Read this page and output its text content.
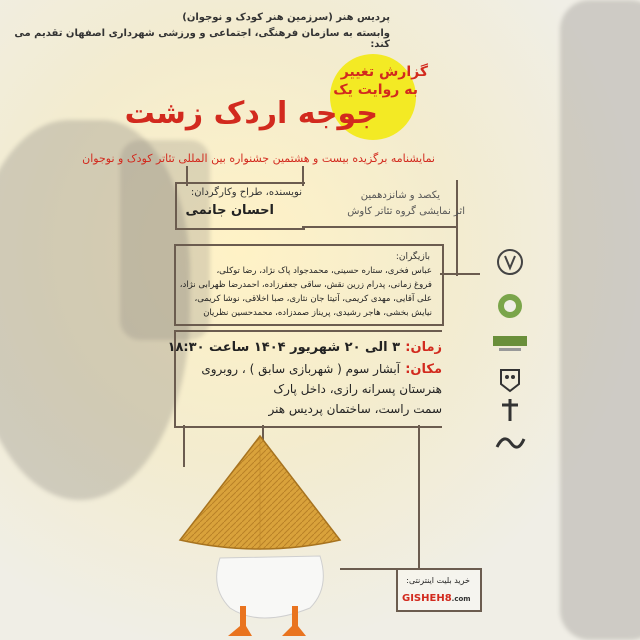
پردیس هنر (سرزمین هنر کودک و نوجوان)
وابسته به سازمان فرهنگی، اجتماعی و ورزشی شهرداری اصفهان تقدیم می کند:
گزارش تغییر
به روایت یک
جوجه اردک زشت
نمایشنامه برگزیده بیست و هشتمین جشنواره بین المللی تئاتر کودک و نوجوان
نویسنده، طراح وکارگردان:
احسان جانمی
یکصد و شانزدهمین
اثر نمایشی گروه تئاتر کاوش
بازیگران:
عباس فخری، ستاره حسینی، محمدجواد پاک نژاد، رضا توکلی،
فروغ زمانی، پدرام زرین نقش، ساقی جعفرزاده، احمدرضا ظهرابی نژاد،
علی آقایی، مهدی کریمی، آتیتا جان نثاری، صبا اخلاقی، نوشا کریمی،
نیایش بخشی، هاجر رشیدی، پریناز صمدزاده، محمدحسین نظریان
زمان:
۳ الی ۲۰ شهریور ۱۴۰۴ ساعت ۱۸:۳۰
مکان:
آبشار سوم ( شهربازی سابق ) ، روبروی
هنرستان پسرانه رازی، داخل پارک
سمت راست، ساختمان پردیس هنر
خرید بلیت اینترنتی:
GISHEH8.com
